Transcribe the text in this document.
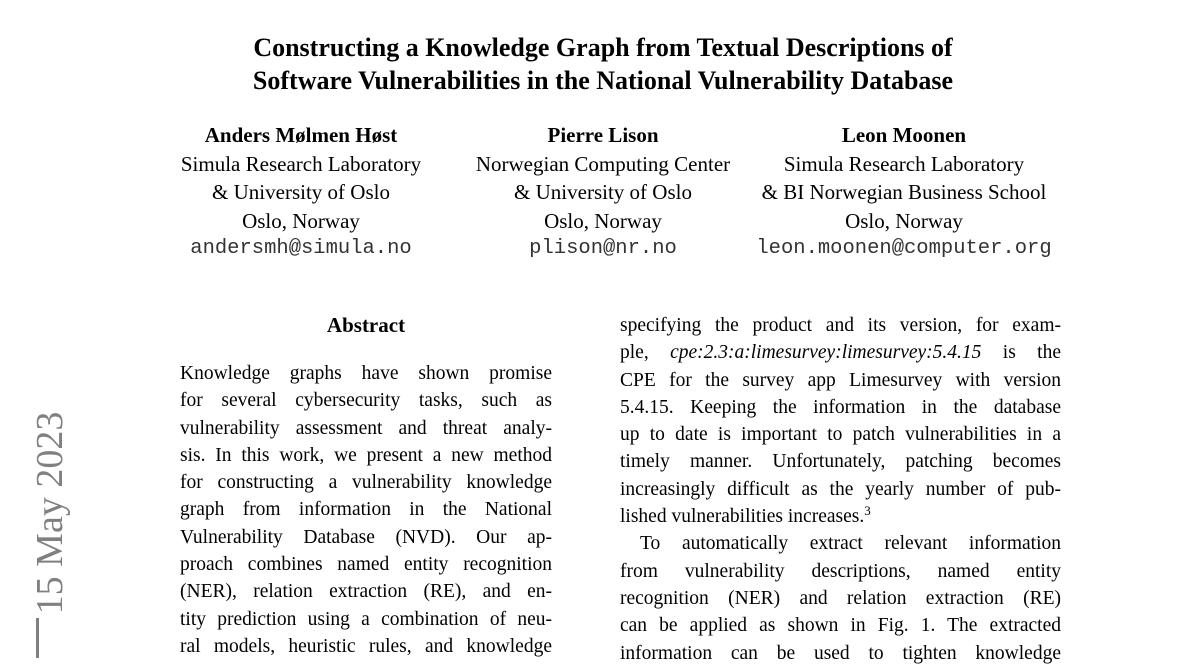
Constructing a Knowledge Graph from Textual Descriptions of
Software Vulnerabilities in the National Vulnerability Database
Anders Mølmen Høst
Simula Research Laboratory
& University of Oslo
Oslo, Norway
andersmh@simula.no
Pierre Lison
Norwegian Computing Center
& University of Oslo
Oslo, Norway
plison@nr.no
Leon Moonen
Simula Research Laboratory
& BI Norwegian Business School
Oslo, Norway
leon.moonen@computer.org
Abstract
Knowledge graphs have shown promise
for several cybersecurity tasks, such as
vulnerability assessment and threat analy-
sis. In this work, we present a new method
for constructing a vulnerability knowledge
graph from information in the National
Vulnerability Database (NVD). Our ap-
proach combines named entity recognition
(NER), relation extraction (RE), and en-
tity prediction using a combination of neu-
ral models, heuristic rules, and knowledge
specifying the product and its version, for exam-
ple, cpe:2.3:a:limesurvey:limesurvey:5.4.15 is the
CPE for the survey app Limesurvey with version
5.4.15. Keeping the information in the database
up to date is important to patch vulnerabilities in a
timely manner. Unfortunately, patching becomes
increasingly difficult as the yearly number of pub-
lished vulnerabilities increases.$^3$
To automatically extract relevant information
from vulnerability descriptions, named entity
recognition (NER) and relation extraction (RE)
can be applied as shown in Fig. 1. The extracted
information can be used to tighten knowledge
15 May 2023
